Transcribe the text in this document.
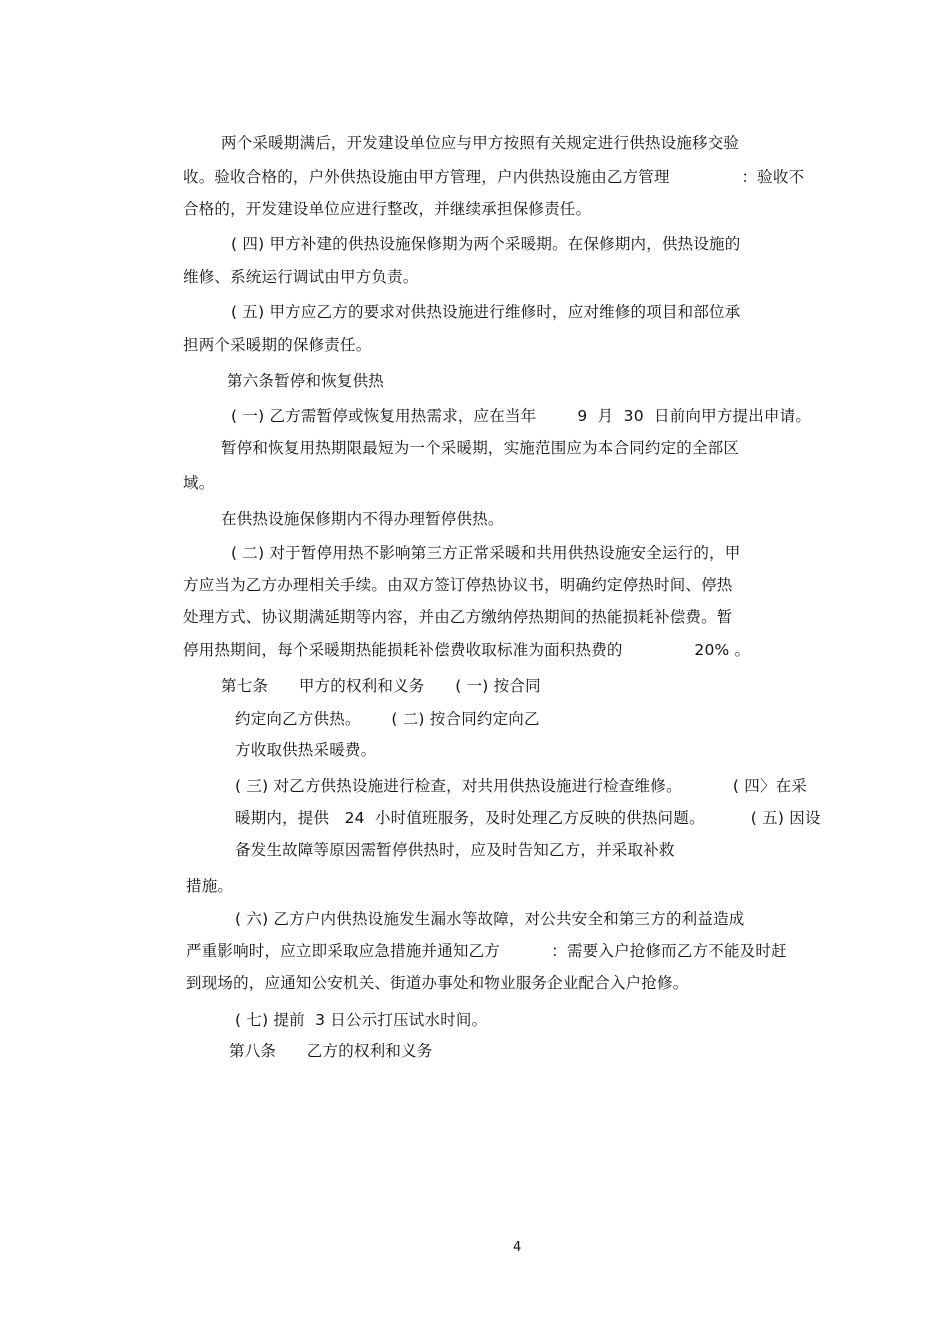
两个采暖期满后，开发建设单位应与甲方按照有关规定进行供热设施移交验
收。验收合格的，户外供热设施由甲方管理，户内供热设施由乙方管理              ：验收不
合格的，开发建设单位应进行整改，并继续承担保修责任。
( 四) 甲方补建的供热设施保修期为两个采暖期。在保修期内，供热设施的
维修、系统运行调试由甲方负责。
( 五) 甲方应乙方的要求对供热设施进行维修时，应对维修的项目和部位承
担两个采暖期的保修责任。
第六条暂停和恢复供热
( 一) 乙方需暂停或恢复用热需求，应在当年        9  月  30  日前向甲方提出申请。
暂停和恢复用热期限最短为一个采暖期，实施范围应为本合同约定的全部区
域。
在供热设施保修期内不得办理暂停供热。
( 二) 对于暂停用热不影响第三方正常采暖和共用供热设施安全运行的，甲
方应当为乙方办理相关手续。由双方签订停热协议书，明确约定停热时间、停热
处理方式、协议期满延期等内容，并由乙方缴纳停热期间的热能损耗补偿费。暂
停用热期间，每个采暖期热能损耗补偿费收取标准为面积热费的              20% 。
第七条      甲方的权利和义务      ( 一) 按合同
约定向乙方供热。      ( 二) 按合同约定向乙
方收取供热采暖费。
( 三) 对乙方供热设施进行检查，对共用供热设施进行检查维修。          ( 四〉在采
暖期内，提供   24  小时值班服务，及时处理乙方反映的供热问题。         ( 五) 因设
备发生故障等原因需暂停供热时，应及时告知乙方，并采取补救
措施。
( 六) 乙方户内供热设施发生漏水等故障，对公共安全和第三方的利益造成
严重影响时，应立即采取应急措施并通知乙方          ：需要入户抢修而乙方不能及时赶
到现场的，应通知公安机关、街道办事处和物业服务企业配合入户抢修。
( 七) 提前  3 日公示打压试水时间。
第八条      乙方的权利和义务
4
